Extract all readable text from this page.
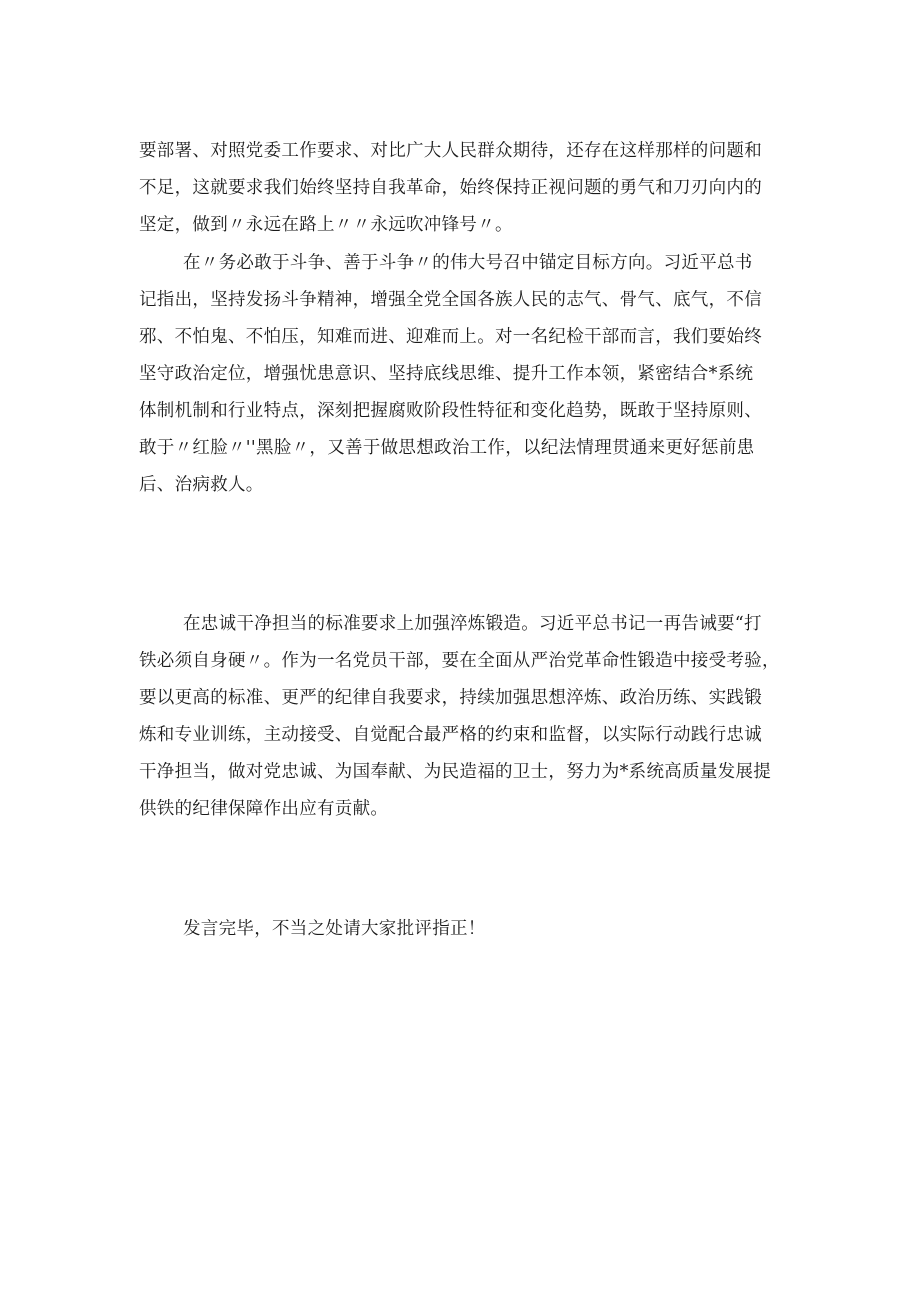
要部署、对照党委工作要求、对比广大人民群众期待，还存在这样那样的问题和
不足，这就要求我们始终坚持自我革命，始终保持正视问题的勇气和刀刃向内的
坚定，做到〃永远在路上〃〃永远吹冲锋号〃。
在〃务必敢于斗争、善于斗争〃的伟大号召中锚定目标方向。习近平总书
记指出，坚持发扬斗争精神，增强全党全国各族人民的志气、骨气、底气，不信
邪、不怕鬼、不怕压，知难而进、迎难而上。对一名纪检干部而言，我们要始终
坚守政治定位，增强忧患意识、坚持底线思维、提升工作本领，紧密结合*系统
体制机制和行业特点，深刻把握腐败阶段性特征和变化趋势，既敢于坚持原则、
敢于〃红脸〃''黑脸〃，又善于做思想政治工作，以纪法情理贯通来更好惩前患
后、治病救人。
在忠诚干净担当的标准要求上加强淬炼锻造。习近平总书记一再告诫要“打
铁必须自身硬〃。作为一名党员干部，要在全面从严治党革命性锻造中接受考验，
要以更高的标准、更严的纪律自我要求，持续加强思想淬炼、政治历练、实践锻
炼和专业训练，主动接受、自觉配合最严格的约束和监督，以实际行动践行忠诚
干净担当，做对党忠诚、为国奉献、为民造福的卫士，努力为*系统高质量发展提
供铁的纪律保障作出应有贡献。
发言完毕，不当之处请大家批评指正！
